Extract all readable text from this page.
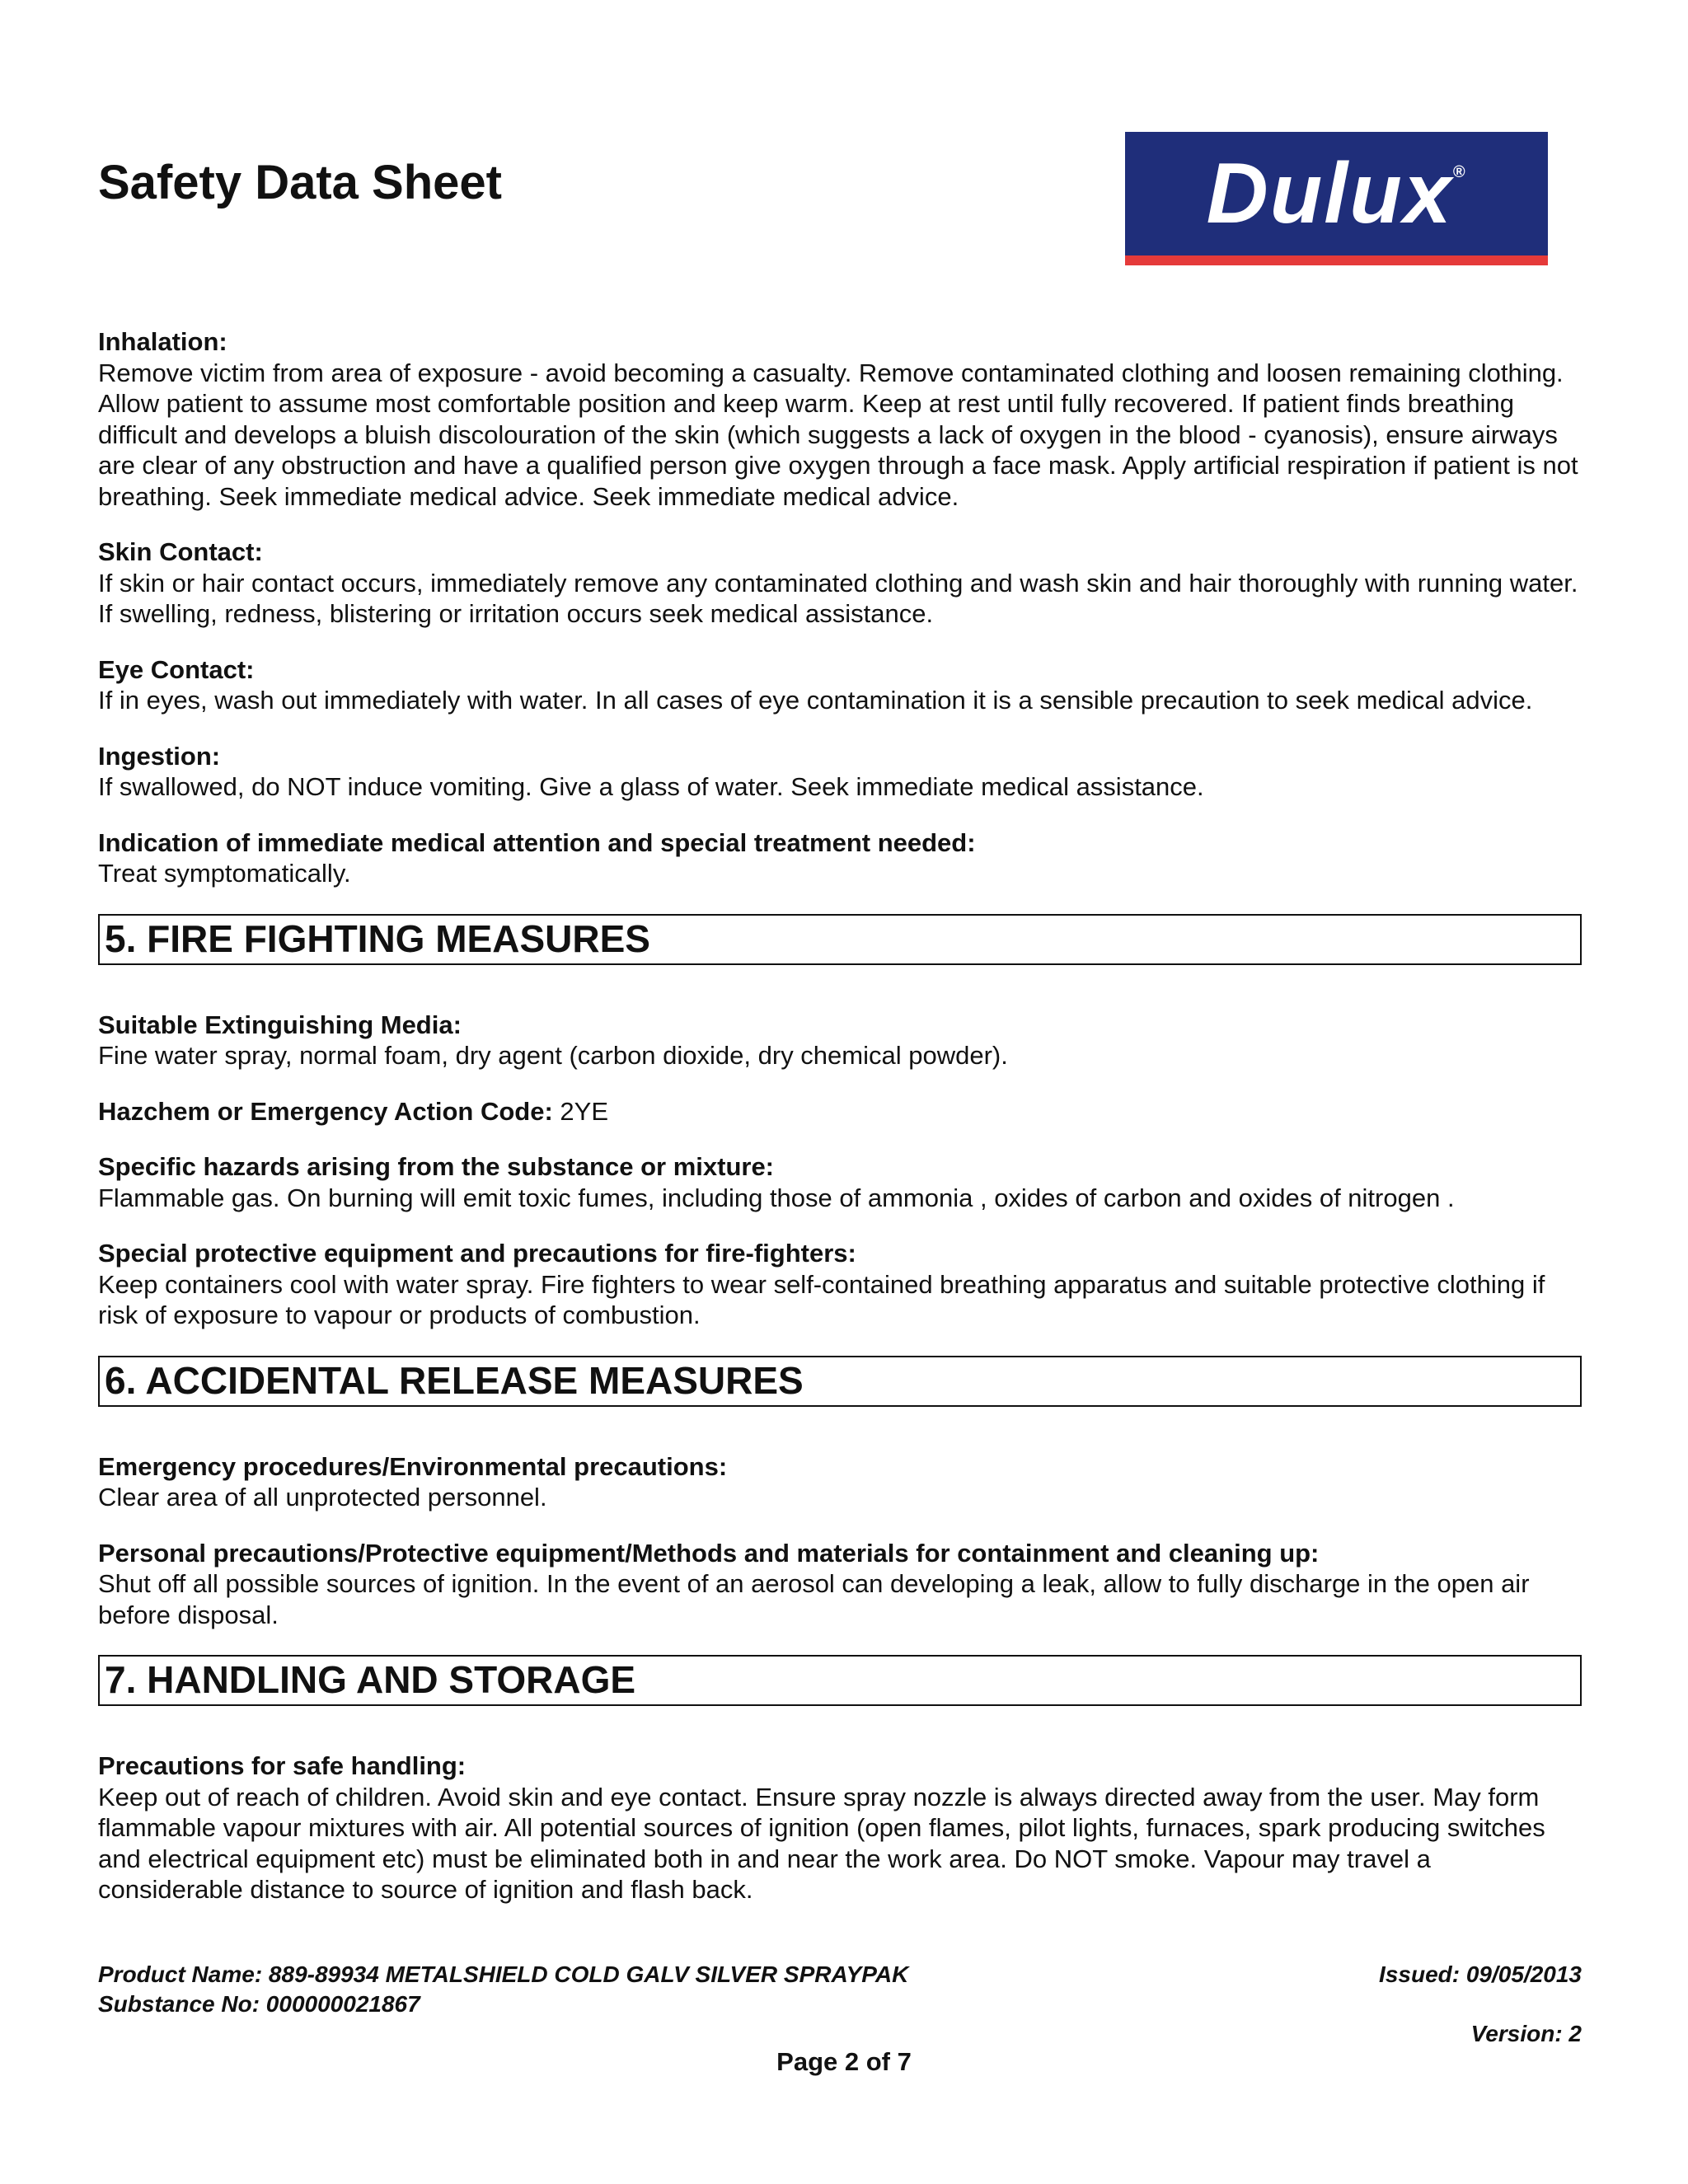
Safety Data Sheet	Dulux®
Inhalation:
Remove victim from area of exposure - avoid becoming a casualty. Remove contaminated clothing and loosen remaining clothing. Allow patient to assume most comfortable position and keep warm. Keep at rest until fully recovered. If patient finds breathing difficult and develops a bluish discolouration of the skin (which suggests a lack of oxygen in the blood - cyanosis), ensure airways are clear of any obstruction and have a qualified person give oxygen through a face mask. Apply artificial respiration if patient is not breathing. Seek immediate medical advice. Seek immediate medical advice.
Skin Contact:
If skin or hair contact occurs, immediately remove any contaminated clothing and wash skin and hair thoroughly with running water. If swelling, redness, blistering or irritation occurs seek medical assistance.
Eye Contact:
If in eyes, wash out immediately with water. In all cases of eye contamination it is a sensible precaution to seek medical advice.
Ingestion:
If swallowed, do NOT induce vomiting. Give a glass of water. Seek immediate medical assistance.
Indication of immediate medical attention and special treatment needed:
Treat symptomatically.
5. FIRE FIGHTING MEASURES
Suitable Extinguishing Media:
Fine water spray, normal foam, dry agent (carbon dioxide, dry chemical powder).
Hazchem or Emergency Action Code: 2YE
Specific hazards arising from the substance or mixture:
Flammable gas. On burning will emit toxic fumes, including those of ammonia , oxides of carbon and oxides of nitrogen .
Special protective equipment and precautions for fire-fighters:
Keep containers cool with water spray. Fire fighters to wear self-contained breathing apparatus and suitable protective clothing if risk of exposure to vapour or products of combustion.
6. ACCIDENTAL RELEASE MEASURES
Emergency procedures/Environmental precautions:
Clear area of all unprotected personnel.
Personal precautions/Protective equipment/Methods and materials for containment and cleaning up:
Shut off all possible sources of ignition. In the event of an aerosol can developing a leak, allow to fully discharge in the open air before disposal.
7. HANDLING AND STORAGE
Precautions for safe handling:
Keep out of reach of children. Avoid skin and eye contact. Ensure spray nozzle is always directed away from the user. May form flammable vapour mixtures with air. All potential sources of ignition (open flames, pilot lights, furnaces, spark producing switches and electrical equipment etc) must be eliminated both in and near the work area. Do NOT smoke. Vapour may travel a considerable distance to source of ignition and flash back.
Product Name: 889-89934 METALSHIELD COLD GALV SILVER SPRAYPAK
Substance No: 000000021867
Issued: 09/05/2013
Version: 2
Page 2 of 7
